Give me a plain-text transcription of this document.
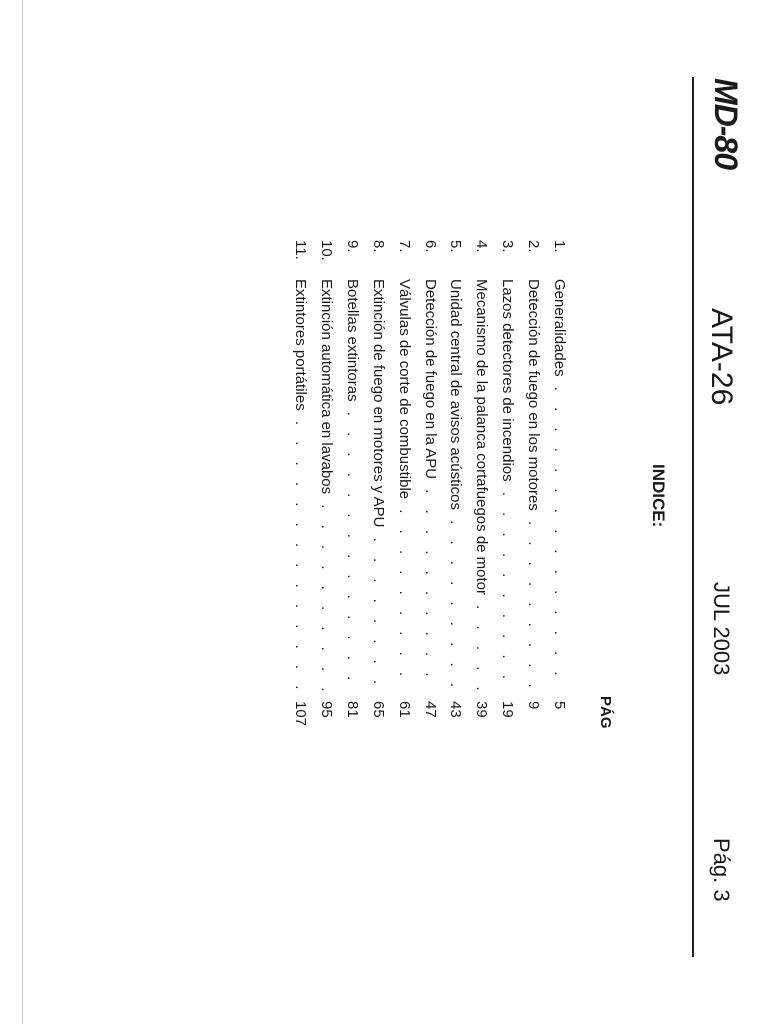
MD-80
ATA-26
JUL 2003
Pág. 3
INDICE:
PÁG
1.
Generalidades . .
5
2.
Detección de fuego en los motores . .
9
3.
Lazos detectores de incendios . .
19
4.
Mecanismo de la palanca cortafuegos de motor . .
39
5.
Unidad central de avisos acústicos . .
43
6.
Detección de fuego en la APU . .
47
7.
Válvulas de corte de combustible . .
61
8.
Extinción de fuego en motores y APU . .
65
9.
Botellas extintoras . .
81
10.
Extinción automática en lavabos . .
95
11.
Extintores portátiles . .
107
